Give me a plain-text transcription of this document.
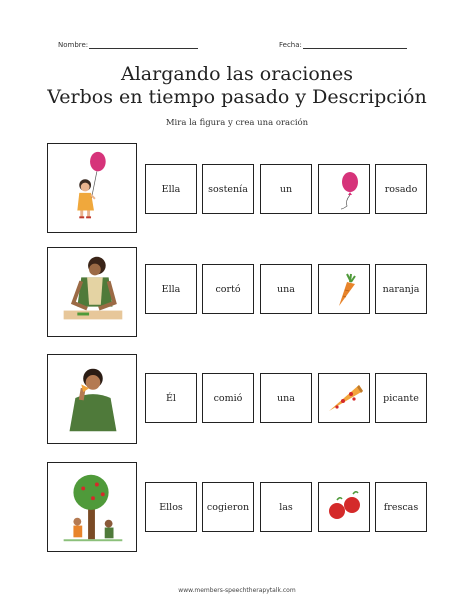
Nombre:	Fecha:
Alargando las oraciones
Verbos en tiempo pasado y Descripción
Mira la figura y crea una oración
Ella	sostenía	un	rosado
Ella	cortó	una	naranja
Él	comió	una	picante
Ellos	cogieron	las	frescas
www.members-speechtherapytalk.com
